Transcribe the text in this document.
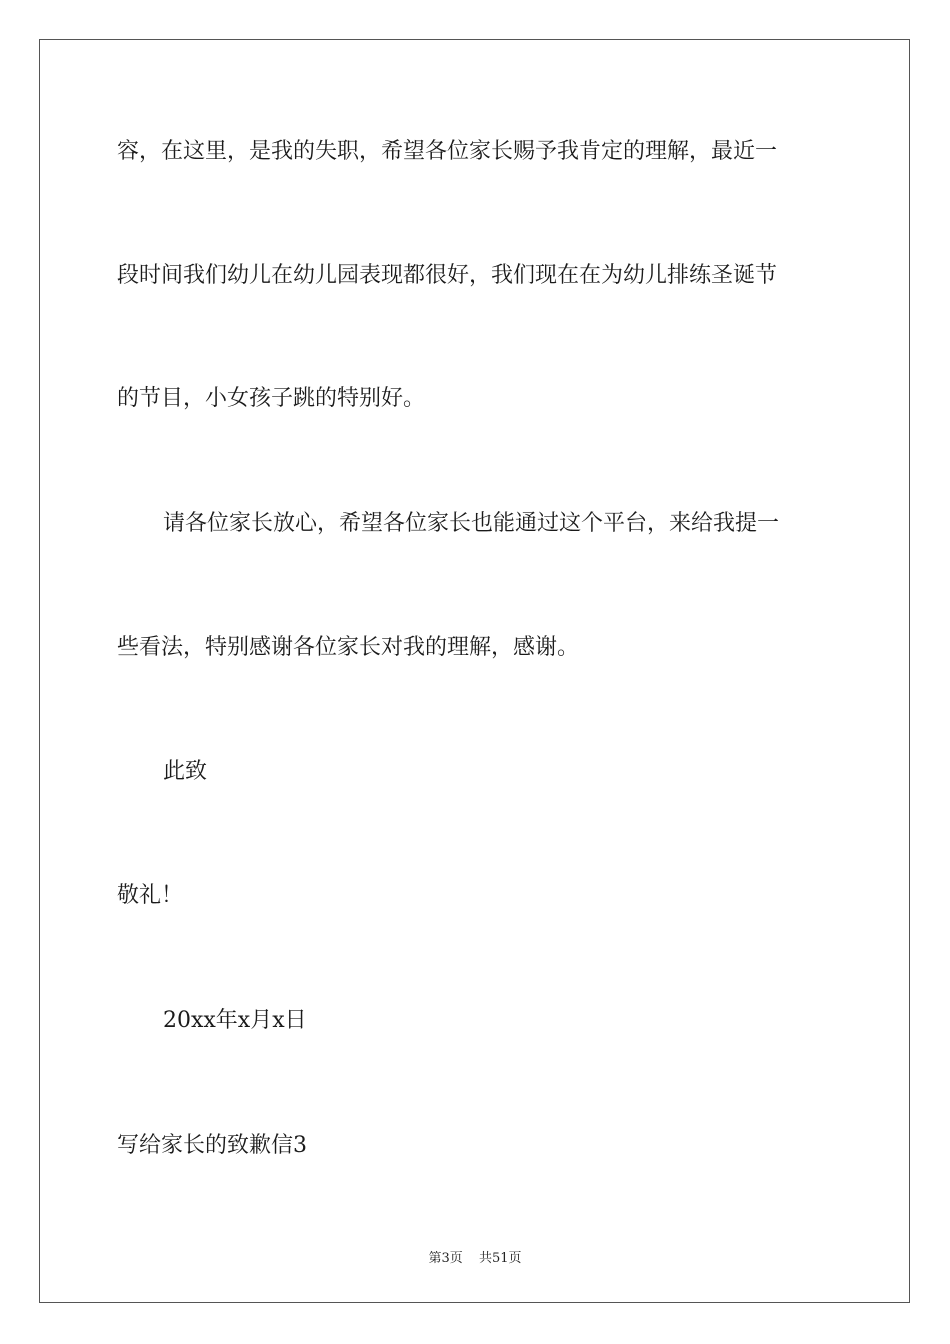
容，在这里，是我的失职，希望各位家长赐予我肯定的理解，最近一
段时间我们幼儿在幼儿园表现都很好，我们现在在为幼儿排练圣诞节
的节目，小女孩子跳的特别好。
请各位家长放心，希望各位家长也能通过这个平台，来给我提一
些看法，特别感谢各位家长对我的理解，感谢。
此致
敬礼！
20xx年x月x日
写给家长的致歉信3
第3页 共51页
